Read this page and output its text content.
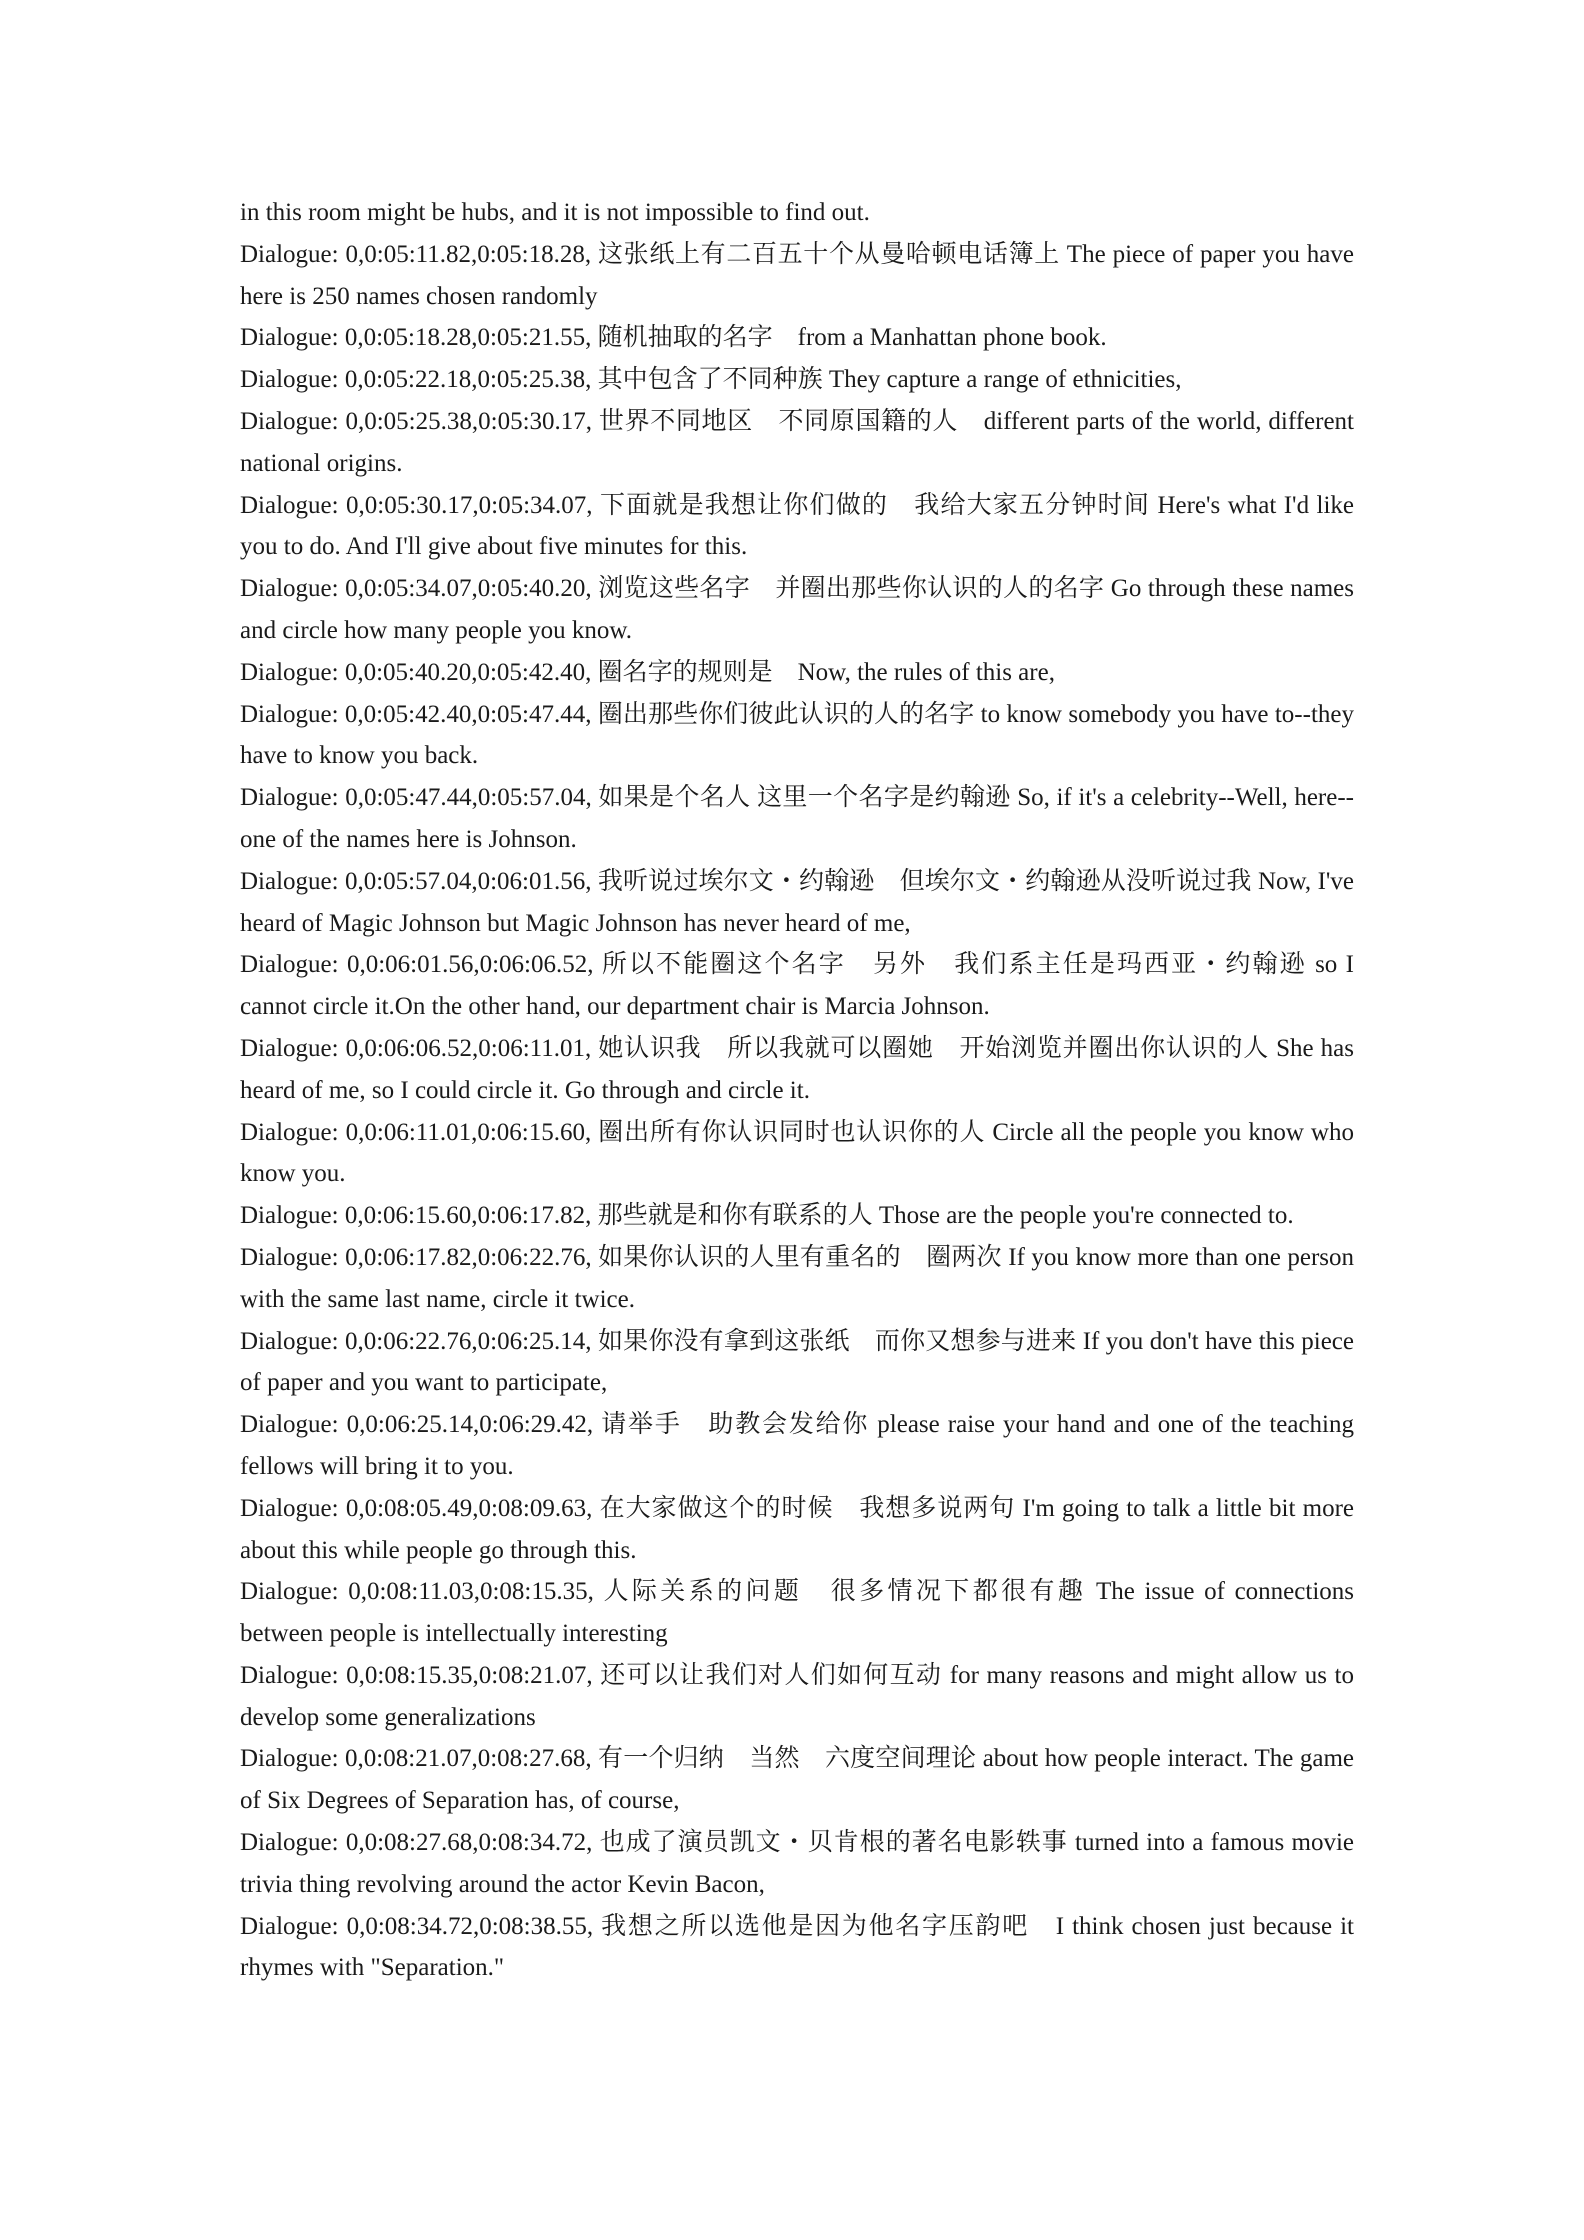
in this room might be hubs, and it is not impossible to find out.

Dialogue: 0,0:05:11.82,0:05:18.28, 这张纸上有二百五十个从曼哈顿电话簿上 The piece of paper you have here is 250 names chosen randomly

Dialogue: 0,0:05:18.28,0:05:21.55, 随机抽取的名字　from a Manhattan phone book.

Dialogue: 0,0:05:22.18,0:05:25.38, 其中包含了不同种族 They capture a range of ethnicities,

Dialogue: 0,0:05:25.38,0:05:30.17, 世界不同地区　不同原国籍的人　different parts of the world, different national origins.

Dialogue: 0,0:05:30.17,0:05:34.07, 下面就是我想让你们做的　我给大家五分钟时间 Here's what I'd like you to do. And I'll give about five minutes for this.

Dialogue: 0,0:05:34.07,0:05:40.20, 浏览这些名字　并圈出那些你认识的人的名字 Go through these names and circle how many people you know.

Dialogue: 0,0:05:40.20,0:05:42.40, 圈名字的规则是　Now, the rules of this are,

Dialogue: 0,0:05:42.40,0:05:47.44, 圈出那些你们彼此认识的人的名字 to know somebody you have to--they have to know you back.

Dialogue: 0,0:05:47.44,0:05:57.04, 如果是个名人 这里一个名字是约翰逊 So, if it's a celebrity--Well, here--one of the names here is Johnson.

Dialogue: 0,0:05:57.04,0:06:01.56, 我听说过埃尔文・约翰逊　但埃尔文・约翰逊从没听说过我 Now, I've heard of Magic Johnson but Magic Johnson has never heard of me,

Dialogue: 0,0:06:01.56,0:06:06.52, 所以不能圈这个名字　另外　我们系主任是玛西亚・约翰逊 so I cannot circle it.On the other hand, our department chair is Marcia Johnson.

Dialogue: 0,0:06:06.52,0:06:11.01, 她认识我　所以我就可以圈她　开始浏览并圈出你认识的人 She has heard of me, so I could circle it. Go through and circle it.

Dialogue: 0,0:06:11.01,0:06:15.60, 圈出所有你认识同时也认识你的人 Circle all the people you know who know you.

Dialogue: 0,0:06:15.60,0:06:17.82, 那些就是和你有联系的人 Those are the people you're connected to.

Dialogue: 0,0:06:17.82,0:06:22.76, 如果你认识的人里有重名的　圈两次 If you know more than one person with the same last name, circle it twice.

Dialogue: 0,0:06:22.76,0:06:25.14, 如果你没有拿到这张纸　而你又想参与进来 If you don't have this piece of paper and you want to participate,

Dialogue: 0,0:06:25.14,0:06:29.42, 请举手　助教会发给你 please raise your hand and one of the teaching fellows will bring it to you.

Dialogue: 0,0:08:05.49,0:08:09.63, 在大家做这个的时候　我想多说两句 I'm going to talk a little bit more about this while people go through this.

Dialogue: 0,0:08:11.03,0:08:15.35, 人际关系的问题　很多情况下都很有趣 The issue of connections between people is intellectually interesting

Dialogue: 0,0:08:15.35,0:08:21.07, 还可以让我们对人们如何互动 for many reasons and might allow us to develop some generalizations

Dialogue: 0,0:08:21.07,0:08:27.68, 有一个归纳　当然　六度空间理论 about how people interact. The game of Six Degrees of Separation has, of course,

Dialogue: 0,0:08:27.68,0:08:34.72, 也成了演员凯文・贝肯根的著名电影轶事 turned into a famous movie trivia thing revolving around the actor Kevin Bacon,

Dialogue: 0,0:08:34.72,0:08:38.55, 我想之所以选他是因为他名字压韵吧　I think chosen just because it rhymes with "Separation."
